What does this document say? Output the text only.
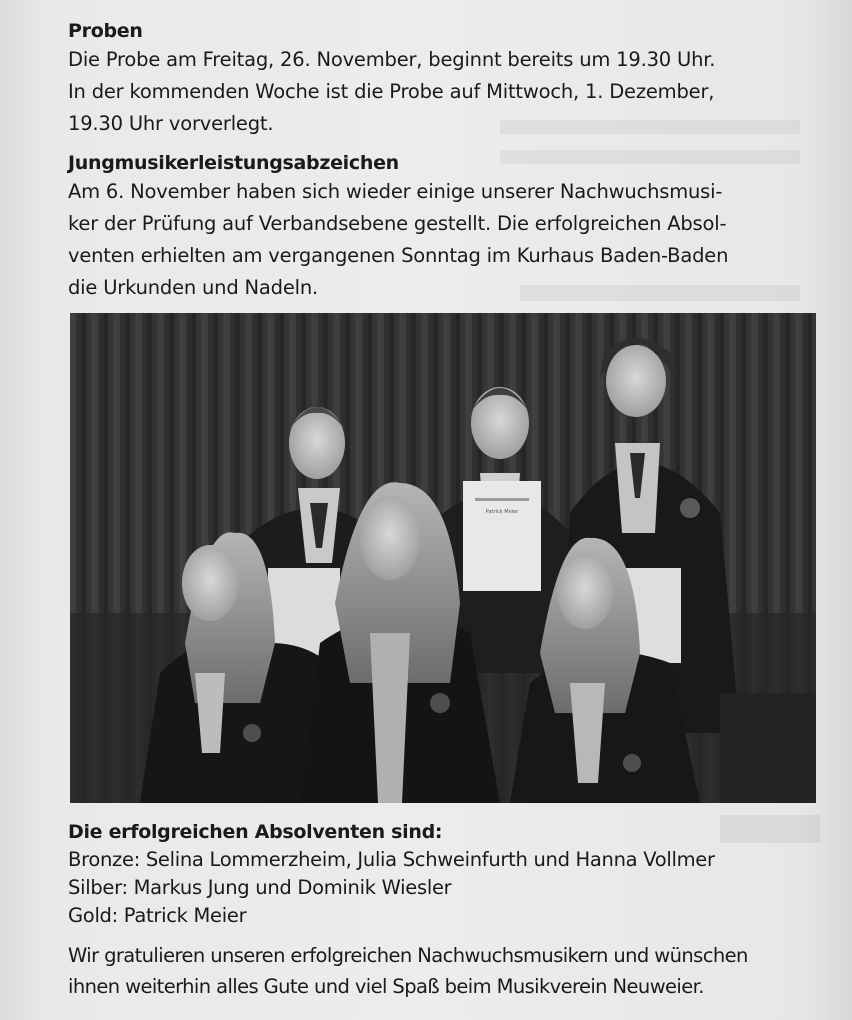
Proben
Die Probe am Freitag, 26. November, beginnt bereits um 19.30 Uhr.
In der kommenden Woche ist die Probe auf Mittwoch, 1. Dezember,
19.30 Uhr vorverlegt.
Jungmusikerleistungsabzeichen
Am 6. November haben sich wieder einige unserer Nachwuchsmusi-
ker der Prüfung auf Verbandsebene gestellt. Die erfolgreichen Absol-
venten erhielten am vergangenen Sonntag im Kurhaus Baden-Baden
die Urkunden und Nadeln.
Patrick Meier
Die erfolgreichen Absolventen sind:
Bronze: Selina Lommerzheim, Julia Schweinfurth und Hanna Vollmer
Silber: Markus Jung und Dominik Wiesler
Gold: Patrick Meier
Wir gratulieren unseren erfolgreichen Nachwuchsmusikern und wünschen
ihnen weiterhin alles Gute und viel Spaß beim Musikverein Neuweier.
